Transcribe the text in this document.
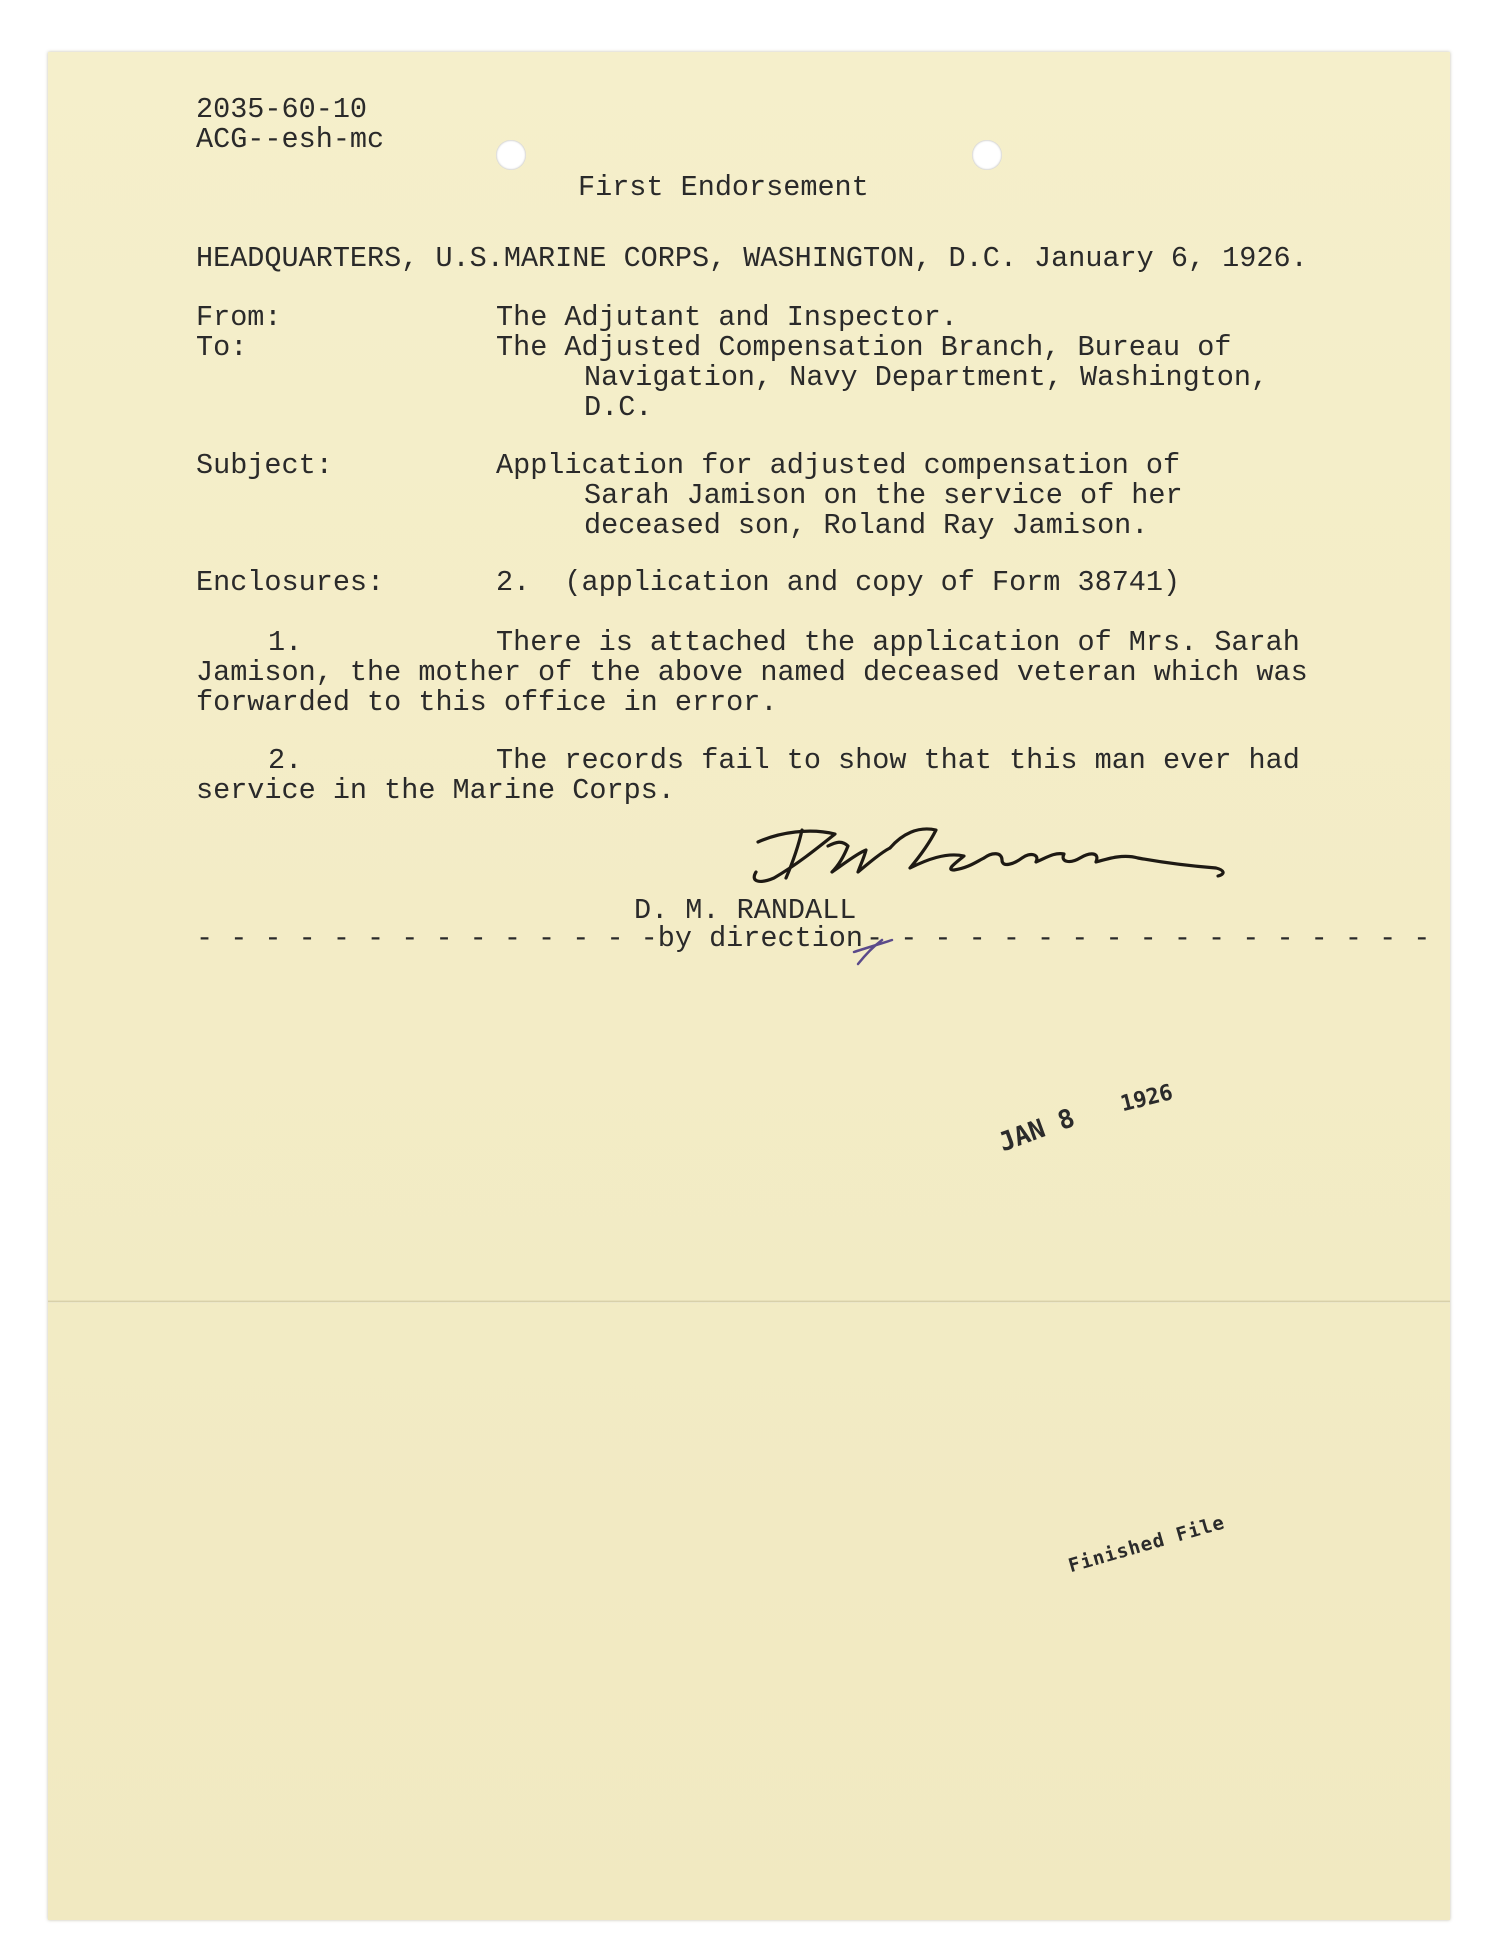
2035-60-10

ACG--esh-mc

First Endorsement

HEADQUARTERS, U.S.MARINE CORPS, WASHINGTON, D.C. January 6, 1926.

From:	The Adjutant and Inspector.

To:	The Adjusted Compensation Branch, Bureau of

Navigation, Navy Department, Washington,

D.C.

Subject:	Application for adjusted compensation of

Sarah Jamison on the service of her

deceased son, Roland Ray Jamison.

Enclosures:	2.  (application and copy of Form 38741)

1.	There is attached the application of Mrs. Sarah

Jamison, the mother of the above named deceased veteran which was

forwarded to this office in error.

2.	The records fail to show that this man ever had

service in the Marine Corps.

D. M. RANDALL

- - - - - - - - - - - - - -by direction - - - - - - - - - - - - - - - - -

JAN 8

1926

Finished File
